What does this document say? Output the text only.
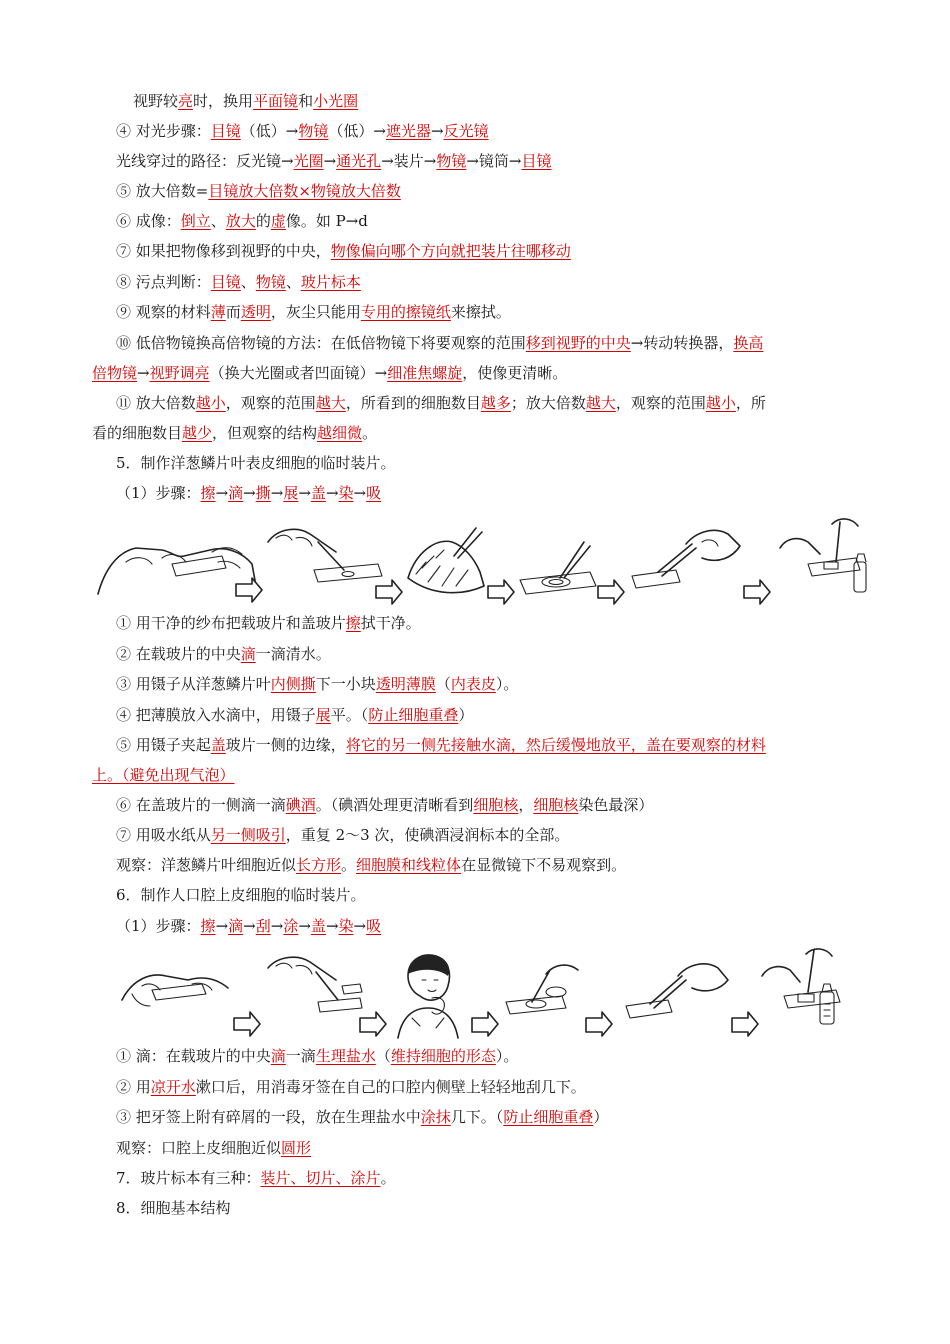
视野较亮时，换用平面镜和小光圈
④ 对光步骤：目镜（低）→物镜（低）→遮光器→反光镜
光线穿过的路径：反光镜→光圈→通光孔→装片→物镜→镜筒→目镜
⑤ 放大倍数=目镜放大倍数×物镜放大倍数
⑥ 成像：倒立、放大的虚像。如 P→d
⑦ 如果把物像移到视野的中央，物像偏向哪个方向就把装片往哪移动
⑧ 污点判断：目镜、物镜、玻片标本
⑨ 观察的材料薄而透明，灰尘只能用专用的擦镜纸来擦拭。
⑩ 低倍物镜换高倍物镜的方法：在低倍物镜下将要观察的范围移到视野的中央→转动转换器，换高
倍物镜→视野调亮（换大光圈或者凹面镜）→细准焦螺旋，使像更清晰。
⑪ 放大倍数越小，观察的范围越大，所看到的细胞数目越多；放大倍数越大，观察的范围越小，所
看的细胞数目越少，但观察的结构越细微。
5．制作洋葱鳞片叶表皮细胞的临时装片。
（1）步骤：擦→滴→撕→展→盖→染→吸
① 用干净的纱布把载玻片和盖玻片擦拭干净。
② 在载玻片的中央滴一滴清水。
③ 用镊子从洋葱鳞片叶内侧撕下一小块透明薄膜（内表皮）。
④ 把薄膜放入水滴中，用镊子展平。（防止细胞重叠）
⑤ 用镊子夹起盖玻片一侧的边缘，将它的另一侧先接触水滴，然后缓慢地放平，盖在要观察的材料
上。（避免出现气泡）
⑥ 在盖玻片的一侧滴一滴碘酒。（碘酒处理更清晰看到细胞核，细胞核染色最深）
⑦ 用吸水纸从另一侧吸引，重复 2～3 次，使碘酒浸润标本的全部。
观察：洋葱鳞片叶细胞近似长方形。细胞膜和线粒体在显微镜下不易观察到。
6．制作人口腔上皮细胞的临时装片。
（1）步骤：擦→滴→刮→涂→盖→染→吸
① 滴：在载玻片的中央滴一滴生理盐水（维持细胞的形态）。
② 用凉开水漱口后，用消毒牙签在自己的口腔内侧壁上轻轻地刮几下。
③ 把牙签上附有碎屑的一段，放在生理盐水中涂抹几下。（防止细胞重叠）
观察：口腔上皮细胞近似圆形
7．玻片标本有三种：装片、切片、涂片。
8．细胞基本结构
